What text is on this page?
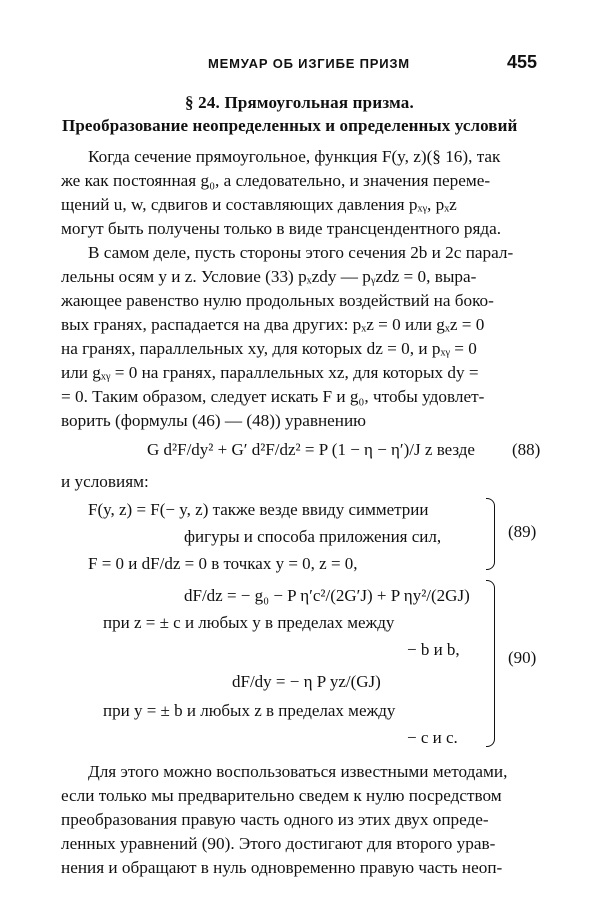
МЕМУАР ОБ ИЗГИБЕ ПРИЗМ	455
§ 24. Прямоугольная призма.
Преобразование неопределенных и определенных условий
Когда сечение прямоугольное, функция F(y, z)(§ 16), так
же как постоянная g₀, а следовательно, и значения переме-
щений u, w, сдвигов и составляющих давления pₓᵧ, pₓz
могут быть получены только в виде трансцендентного ряда.
В самом деле, пусть стороны этого сечения 2b и 2c парал-
лельны осям y и z. Условие (33) pₓzdy — pᵧzdz = 0, выра-
жающее равенство нулю продольных воздействий на боко-
вых гранях, распадается на два других: pₓz = 0 или gₓz = 0
на гранях, параллельных xy, для которых dz = 0, и pₓᵧ = 0
или gₓᵧ = 0 на гранях, параллельных xz, для которых dy =
= 0. Таким образом, следует искать F и g₀, чтобы удовлет-
ворить (формулы (46) — (48)) уравнению
G d²F/dy² + G′ d²F/dz² = P (1 − η − η′)/J z везде (88)
и условиям:
F(y, z) = F(− y, z) также везде ввиду симметрии
фигуры и способа приложения сил,
F = 0 и dF/dz = 0 в точках y = 0, z = 0,
(89)
dF/dz = − g₀ − P η′c²/(2G′J) + P ηy²/(2GJ)
при z = ± c и любых y в пределах между
− b и b,
dF/dy = − η P yz/(GJ)
при y = ± b и любых z в пределах между
− c и c.
(90)
Для этого можно воспользоваться известными методами,
если только мы предварительно сведем к нулю посредством
преобразования правую часть одного из этих двух опреде-
ленных уравнений (90). Этого достигают для второго урав-
нения и обращают в нуль одновременно правую часть неоп-
